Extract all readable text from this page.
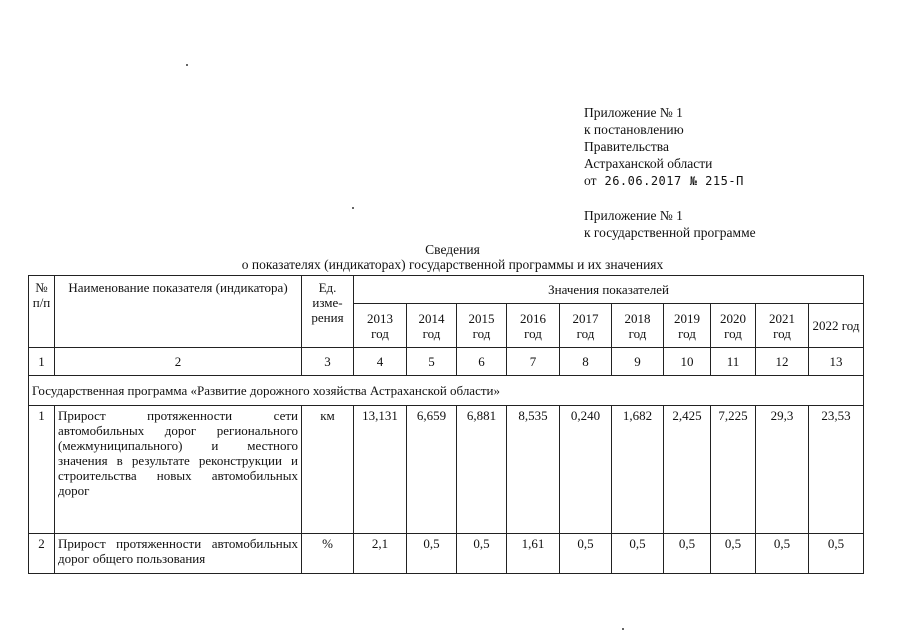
Приложение № 1
к постановлению
Правительства
Астраханской области
от 26.06.2017 № 215-П
Приложение № 1
к государственной программе
Сведения
о показателях (индикаторах) государственной программы и их значениях
№ п/п	Наименование показателя (индикатора)	Ед. изме-рения	Значения показателей									
			2013 год	2014 год	2015 год	2016 год	2017 год	2018 год	2019 год	2020 год	2021 год	2022 год
1	2	3	4	5	6	7	8	9	10	11	12	13
Государственная программа «Развитие дорожного хозяйства Астраханской области»												
1	Прирост протяженности сети автомобильных дорог регионального (межмуниципального) и местного значения в результате реконструкции и строительства новых автомобильных дорог	км	13,131	6,659	6,881	8,535	0,240	1,682	2,425	7,225	29,3	23,53
2	Прирост протяженности автомобильных дорог общего пользования	%	2,1	0,5	0,5	1,61	0,5	0,5	0,5	0,5	0,5	0,5
